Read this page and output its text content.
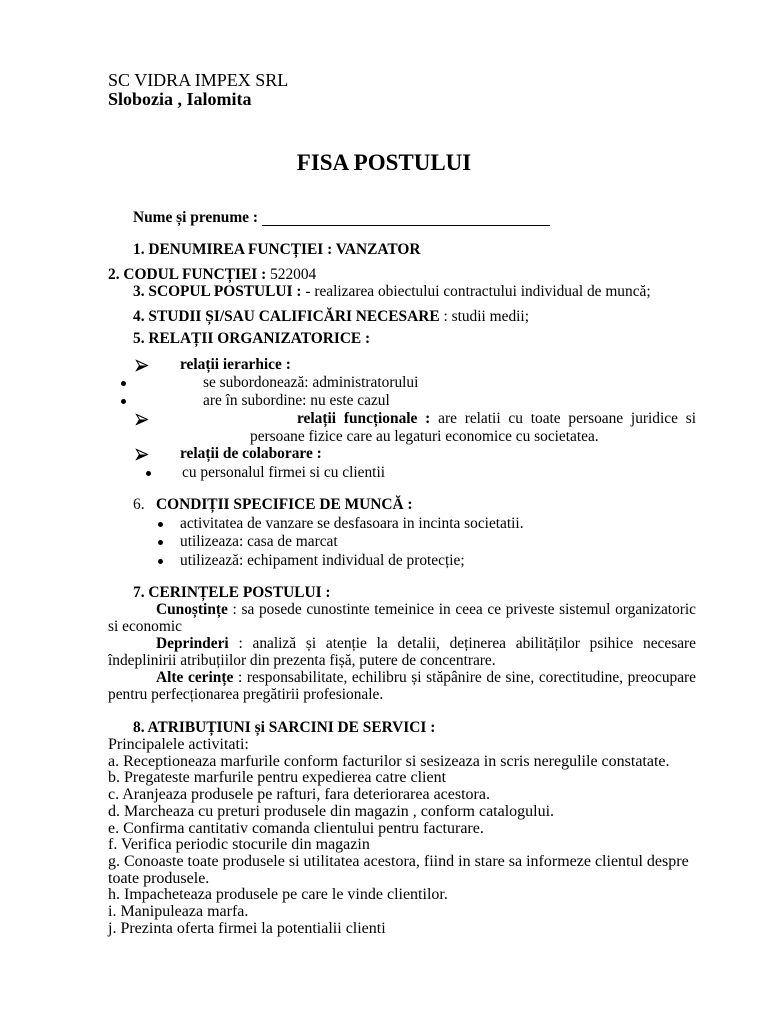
SC VIDRA IMPEX SRL
Slobozia , Ialomita
FISA POSTULUI
Nume și prenume :
1. DENUMIREA FUNCȚIEI : VANZATOR
2. CODUL FUNCȚIEI : 522004
3. SCOPUL POSTULUI : - realizarea obiectului contractului individual de muncă;
4. STUDII ȘI/SAU CALIFICĂRI NECESARE : studii medii;
5. RELAȚII ORGANIZATORICE :
relații ierarhice :
se subordonează: administratorului
are în subordine: nu este cazul
relații funcționale : are relatii cu toate persoane juridice si persoane fizice care au legaturi economice cu societatea.
relații de colaborare :
cu personalul firmei si cu clientii
6. CONDIȚII SPECIFICE DE MUNCĂ :
activitatea de vanzare se desfasoara in incinta societatii.
utilizeaza: casa de marcat
utilizează: echipament individual de protecție;
7. CERINȚELE POSTULUI :
Cunoștințe : sa posede cunostinte temeinice in ceea ce priveste sistemul organizatoric si economic
Deprinderi : analiză și atenție la detalii, deținerea abilităților psihice necesare îndeplinirii atribuțiilor din prezenta fișă, putere de concentrare.
Alte cerințe : responsabilitate, echilibru și stăpânire de sine, corectitudine, preocupare pentru perfecționarea pregătirii profesionale.
8. ATRIBUȚIUNI și SARCINI DE SERVICI :
Principalele activitati:
a. Receptioneaza marfurile conform facturilor si sesizeaza in scris neregulile constatate.
b. Pregateste marfurile pentru expedierea catre client
c. Aranjeaza produsele pe rafturi, fara deteriorarea acestora.
d. Marcheaza cu preturi produsele din magazin , conform catalogului.
e. Confirma cantitativ comanda clientului pentru facturare.
f. Verifica periodic stocurile din magazin
g. Conoaste toate produsele si utilitatea acestora, fiind in stare sa informeze clientul despre toate produsele.
h. Impacheteaza produsele pe care le vinde clientilor.
i. Manipuleaza marfa.
j. Prezinta oferta firmei la potentialii clienti
